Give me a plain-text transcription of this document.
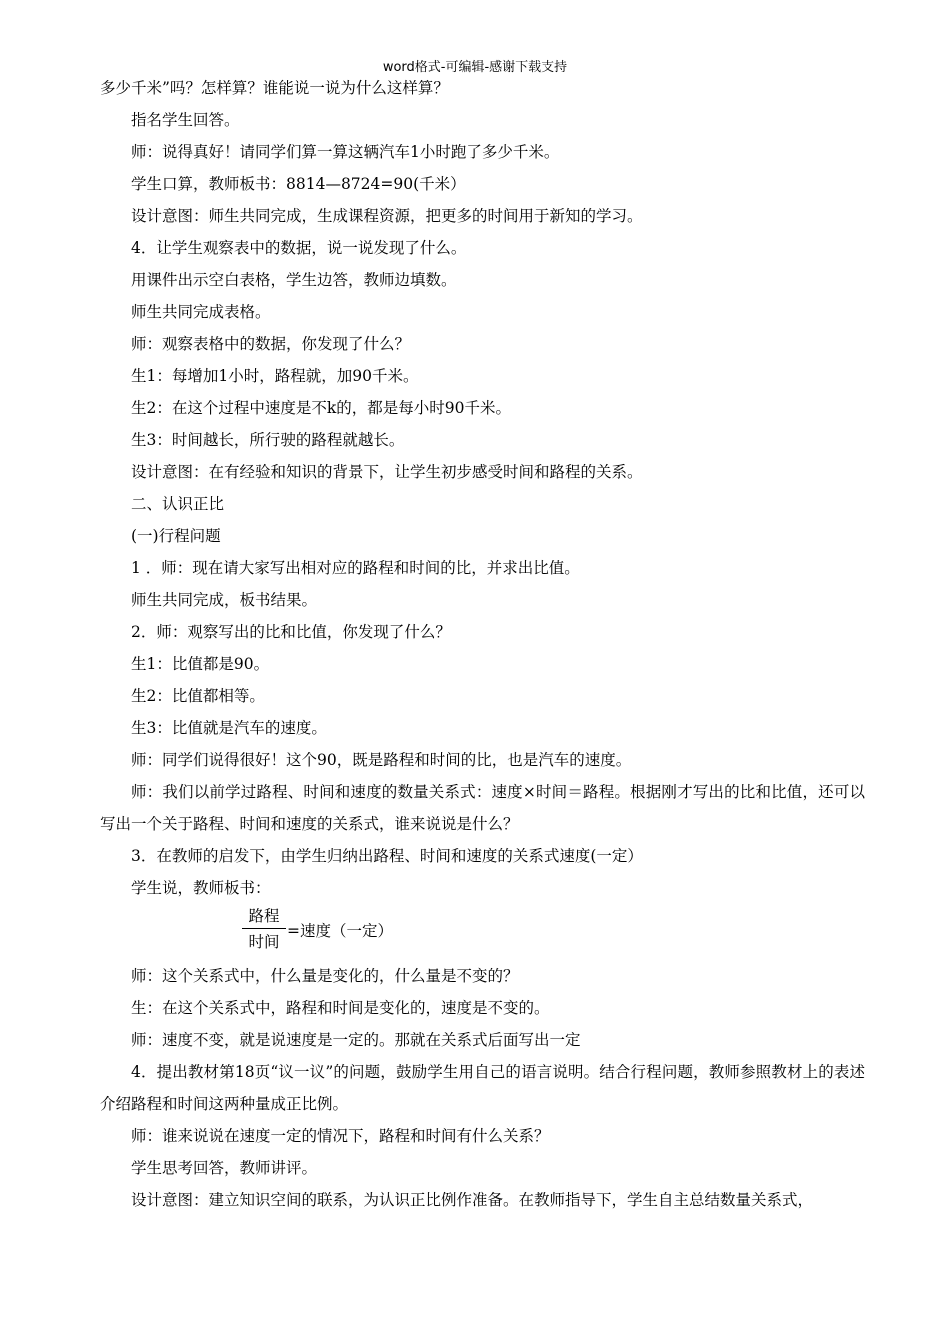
word格式-可编辑-感谢下载支持
多少千米”吗？怎样算？谁能说一说为什么这样算？
指名学生回答。
师：说得真好！请同学们算一算这辆汽车1小时跑了多少千米。
学生口算，教师板书：8814—8724=90(千米）
设计意图：师生共同完成，生成课程资源，把更多的时间用于新知的学习。
4．让学生观察表中的数据，说一说发现了什么。
用课件出示空白表格，学生边答，教师边填数。
师生共同完成表格。
师：观察表格中的数据，你发现了什么？
生1：每增加1小时，路程就，加90千米。
生2：在这个过程中速度是不k的，都是每小时90千米。
生3：时间越长，所行驶的路程就越长。
设计意图：在有经验和知识的背景下，让学生初步感受时间和路程的关系。
二、认识正比
(一)行程问题
1 ．师：现在请大家写出相对应的路程和时间的比，并求出比值。
师生共同完成，板书结果。
2．师：观察写出的比和比值，你发现了什么？
生1：比值都是90。
生2：比值都相等。
生3：比值就是汽车的速度。
师：同学们说得很好！这个90，既是路程和时间的比，也是汽车的速度。
师：我们以前学过路程、时间和速度的数量关系式：速度×时间＝路程。根据刚才写出的比和比值，还可以写出一个关于路程、时间和速度的关系式，谁来说说是什么？
3．在教师的启发下，由学生归纳出路程、时间和速度的关系式速度(一定）
学生说，教师板书：
路程
时间
=速度（一定）
师：这个关系式中，什么量是变化的，什么量是不变的？
生：在这个关系式中，路程和时间是变化的，速度是不变的。
师：速度不变，就是说速度是一定的。那就在关系式后面写出一定
4．提出教材第18页“议一议”的问题，鼓励学生用自己的语言说明。结合行程问题，教师参照教材上的表述介绍路程和时间这两种量成正比例。
师：谁来说说在速度一定的情况下，路程和时间有什么关系？
学生思考回答，教师讲评。
设计意图：建立知识空间的联系，为认识正比例作准备。在教师指导下，学生自主总结数量关系式，
